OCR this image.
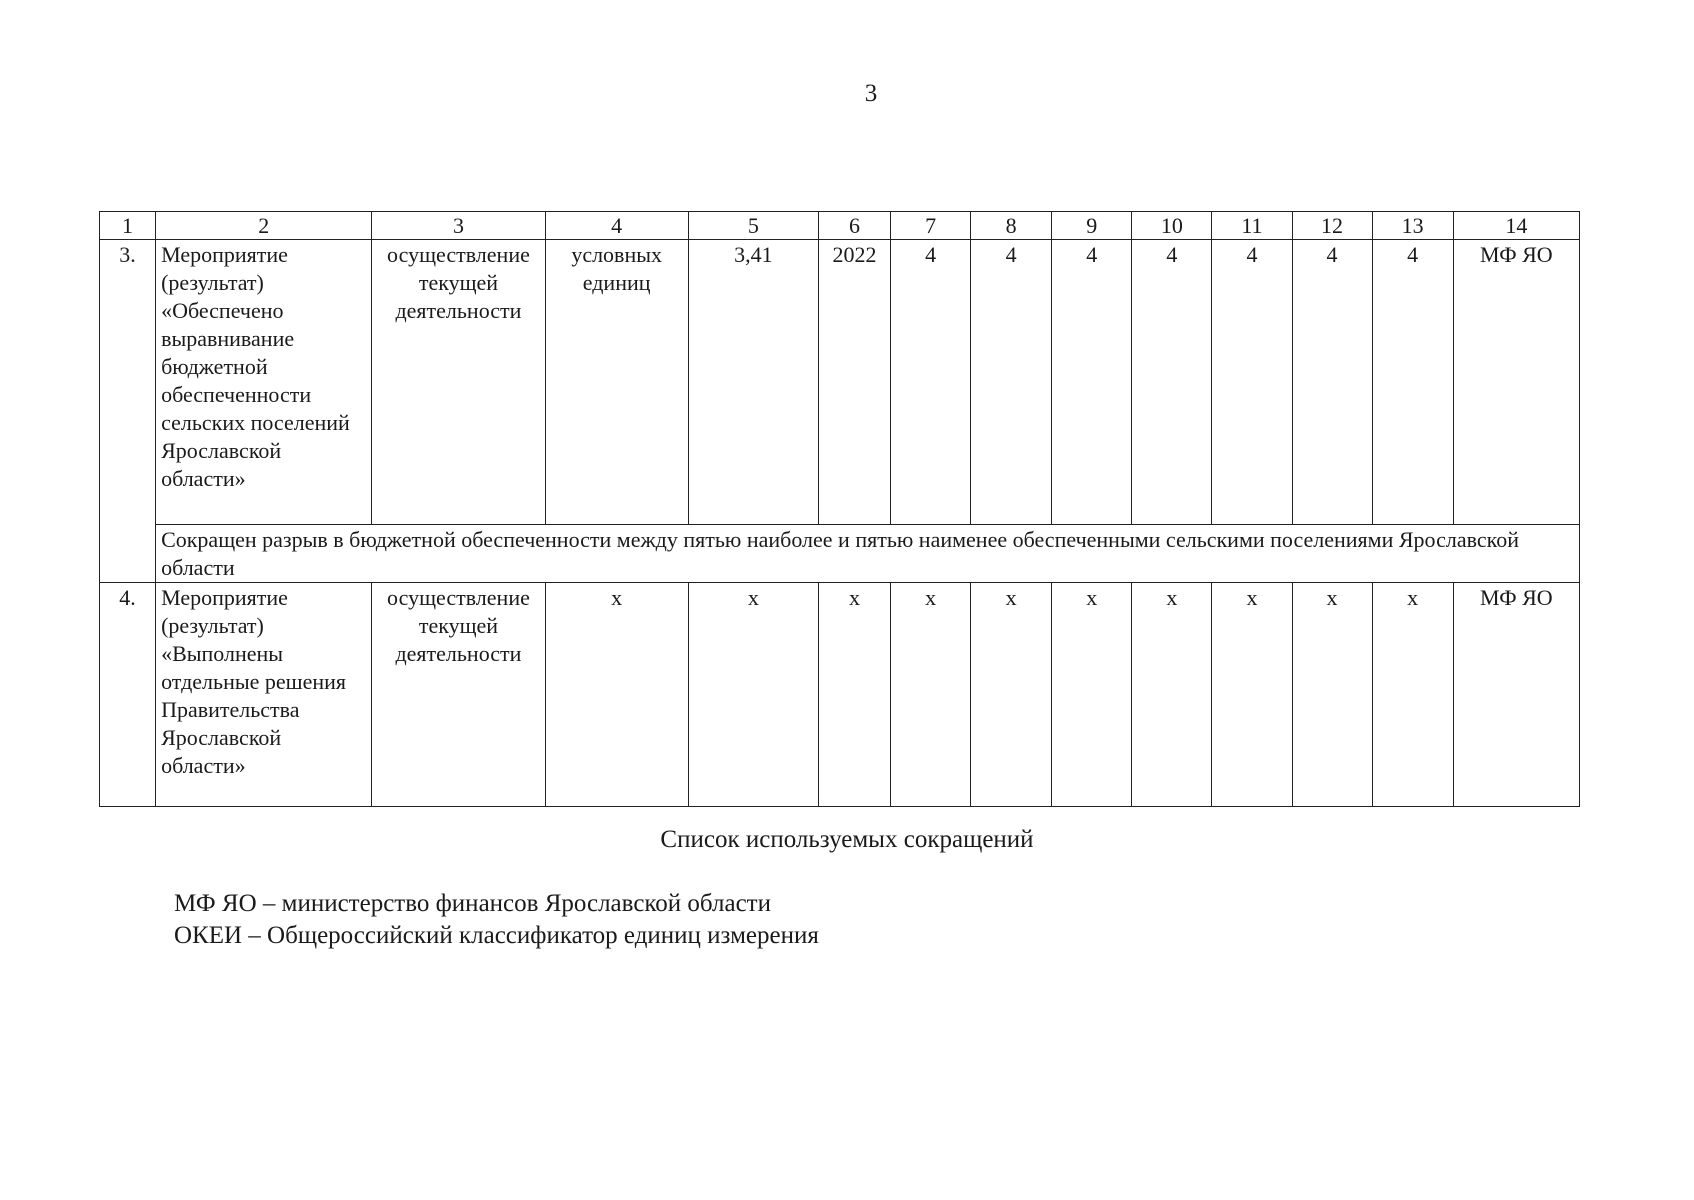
3
1	2	3	4	5	6	7	8	9	10	11	12	13	14
3.	Мероприятие (результат) «Обеспечено выравнивание бюджетной обеспеченности сельских поселений Ярославской области»	осуществление текущей деятельности	условных единиц	3,41	2022	4	4	4	4	4	4	4	МФ ЯО
	Сокращен разрыв в бюджетной обеспеченности между пятью наиболее и пятью наименее обеспеченными сельскими поселениями Ярославской области												
4.	Мероприятие (результат) «Выполнены отдельные решения Правительства Ярославской области»	осуществление текущей деятельности	х	х	х	х	х	х	х	х	х	х	МФ ЯО
Список используемых сокращений
МФ ЯО – министерство финансов Ярославской области
ОКЕИ – Общероссийский классификатор единиц измерения
